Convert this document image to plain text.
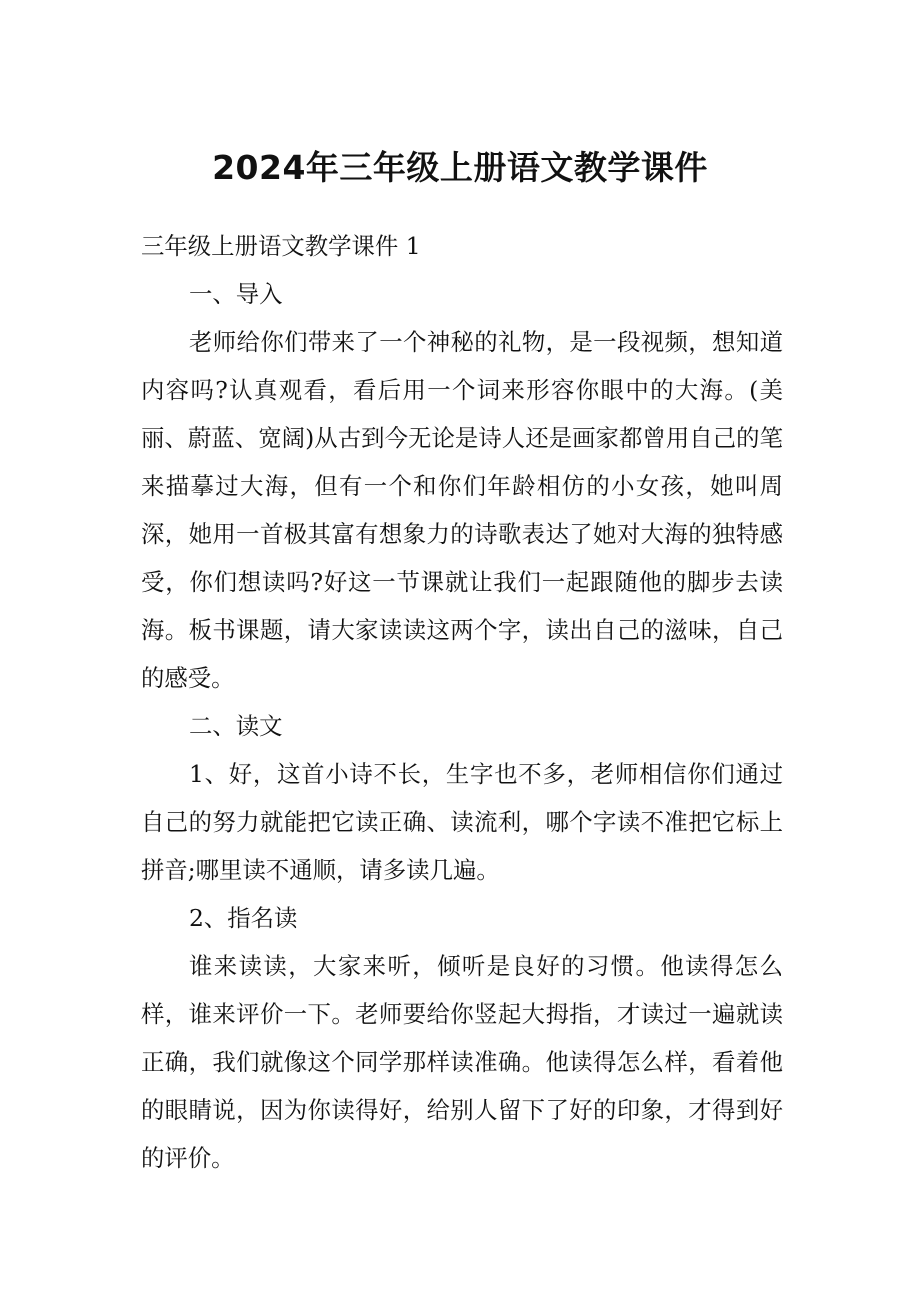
2024年三年级上册语文教学课件

三年级上册语文教学课件 1

一、导入

老师给你们带来了一个神秘的礼物，是一段视频，想知道内容吗?认真观看，看后用一个词来形容你眼中的大海。(美丽、蔚蓝、宽阔)从古到今无论是诗人还是画家都曾用自己的笔来描摹过大海，但有一个和你们年龄相仿的小女孩，她叫周深，她用一首极其富有想象力的诗歌表达了她对大海的独特感受，你们想读吗?好这一节课就让我们一起跟随他的脚步去读海。板书课题，请大家读读这两个字，读出自己的滋味，自己的感受。

二、读文

1、好，这首小诗不长，生字也不多，老师相信你们通过自己的努力就能把它读正确、读流利，哪个字读不准把它标上拼音;哪里读不通顺，请多读几遍。

2、指名读

谁来读读，大家来听，倾听是良好的习惯。他读得怎么样，谁来评价一下。老师要给你竖起大拇指，才读过一遍就读正确，我们就像这个同学那样读准确。他读得怎么样，看着他的眼睛说，因为你读得好，给别人留下了好的印象，才得到好的评价。
